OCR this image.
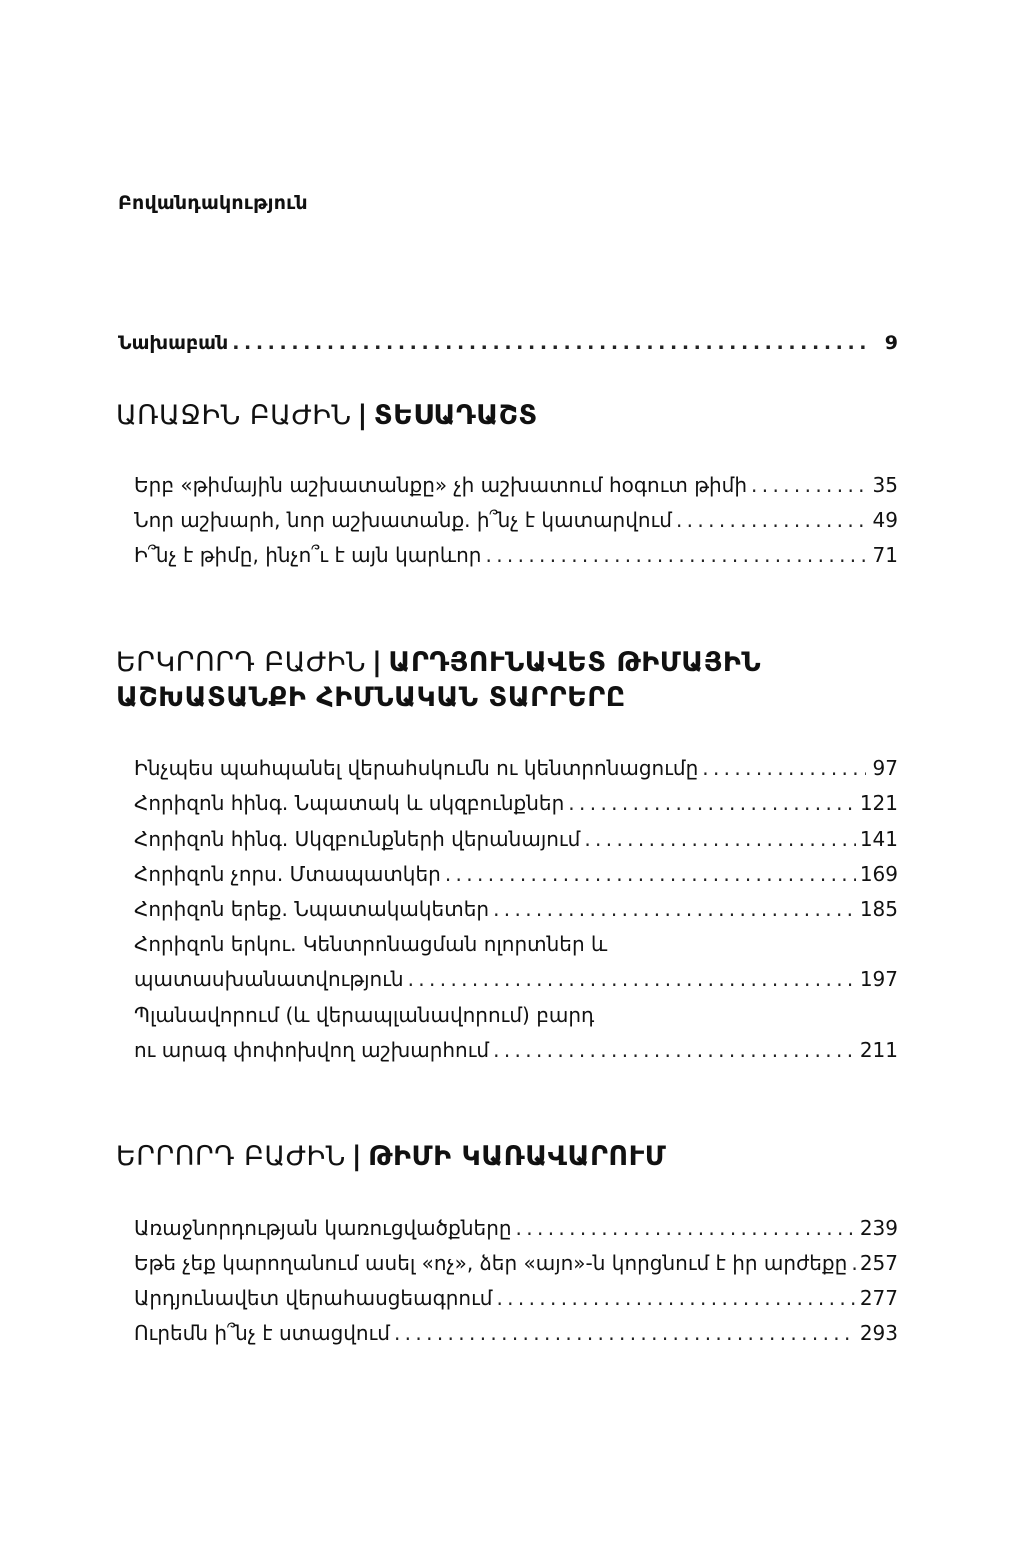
Բովանդակություն
Նախաբան . . .	9
ԱՌԱՋԻՆ ԲԱԺԻՆ | ՏԵՍԱԴԱՇՏ
Երբ «թիմային աշխատանքը» չի աշխատում հօգուտ թիմի . . .	35
Նոր աշխարհ, նոր աշխատանք. ի՞նչ է կատարվում . . .	49
Ի՞նչ է թիմը, ինչո՞ւ է այն կարևոր . . .	71
ԵՐԿՐՈՐԴ ԲԱԺԻՆ | ԱՐԴՅՈՒՆԱՎԵՏ ԹԻՄԱՅԻՆ
ԱՇԽԱՏԱՆՔԻ ՀԻՄՆԱԿԱՆ ՏԱՐՐԵՐԸ
Ինչպես պահպանել վերահսկումն ու կենտրոնացումը . . .	97
Հորիզոն հինգ. Նպատակ և սկզբունքներ . . .	121
Հորիզոն հինգ. Սկզբունքների վերանայում . . .	141
Հորիզոն չորս. Մտապատկեր . . .	169
Հորիզոն երեք. Նպատակակետեր . . .	185
Հորիզոն երկու. Կենտրոնացման ոլորտներ և
պատասխանատվություն . . .	197
Պլանավորում (և վերապլանավորում) բարդ
ու արագ փոփոխվող աշխարհում . . .	211
ԵՐՐՈՐԴ ԲԱԺԻՆ | ԹԻՄԻ ԿԱՌԱՎԱՐՈՒՄ
Առաջնորդության կառուցվածքները . . .	239
Եթե չեք կարողանում ասել «ոչ», ձեր «այո»-ն կորցնում է իր արժեքը . . . 257
Արդյունավետ վերահասցեագրում . . .	277
Ուրեմն ի՞նչ է ստացվում . . .	293
